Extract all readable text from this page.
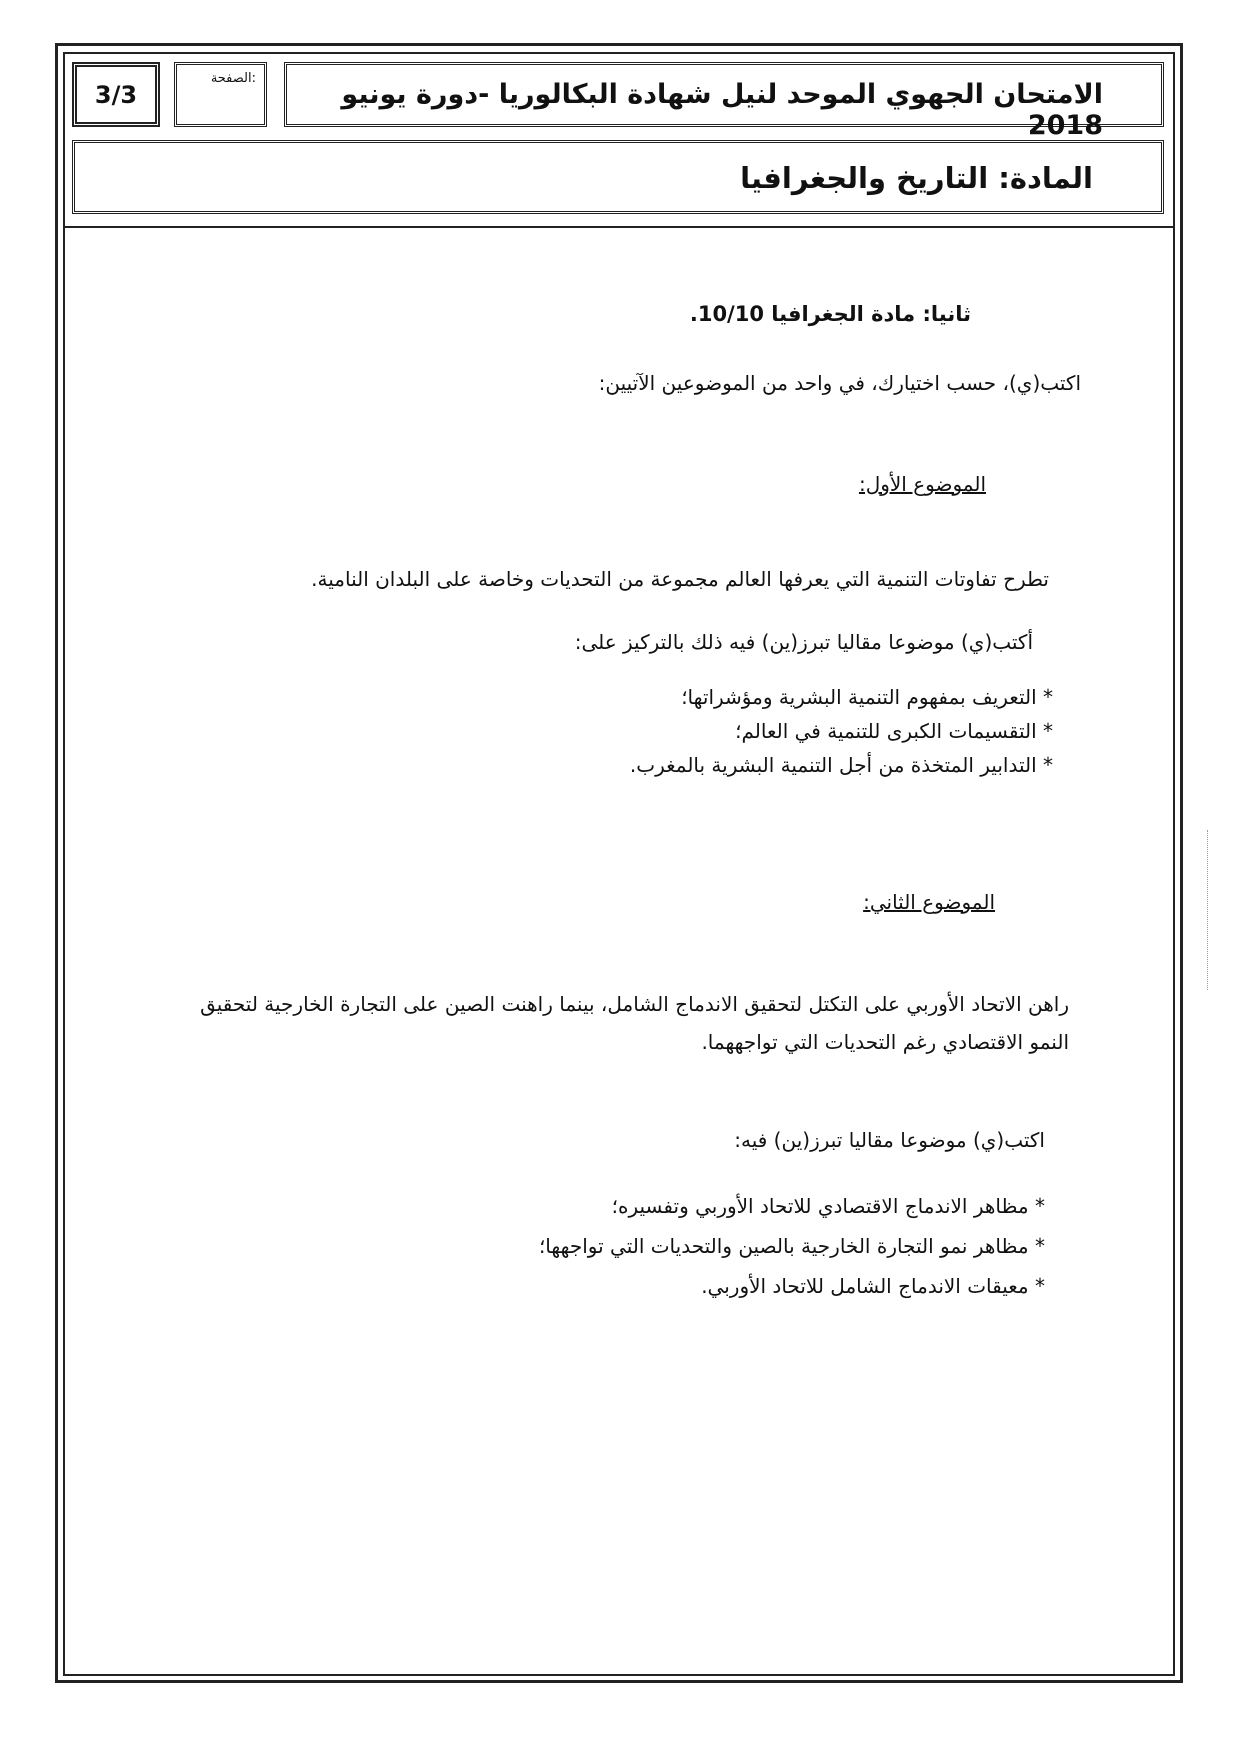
3/3
الصفحة:
الامتحان الجهوي الموحد لنيل شهادة البكالوريا -دورة يونيو 2018
المادة: التاريخ والجغرافيا
ثانيا: مادة الجغرافيا 10/10.
اكتب(ي)، حسب اختيارك، في واحد من الموضوعين الآتيين:
الموضوع الأول:
تطرح تفاوتات التنمية التي يعرفها العالم مجموعة من التحديات وخاصة على البلدان النامية.
أكتب(ي) موضوعا مقاليا تبرز(ين) فيه ذلك بالتركيز على:
* التعريف بمفهوم التنمية البشرية ومؤشراتها؛
* التقسيمات الكبرى للتنمية في العالم؛
* التدابير المتخذة من أجل التنمية البشرية بالمغرب.
الموضوع الثاني:
راهن الاتحاد الأوربي على التكتل لتحقيق الاندماج الشامل، بينما راهنت الصين على التجارة الخارجية لتحقيق النمو الاقتصادي رغم التحديات التي تواجههما.
اكتب(ي) موضوعا مقاليا تبرز(ين) فيه:
* مظاهر الاندماج الاقتصادي للاتحاد الأوربي وتفسيره؛
* مظاهر نمو التجارة الخارجية بالصين والتحديات التي تواجهها؛
* معيقات الاندماج الشامل للاتحاد الأوربي.
